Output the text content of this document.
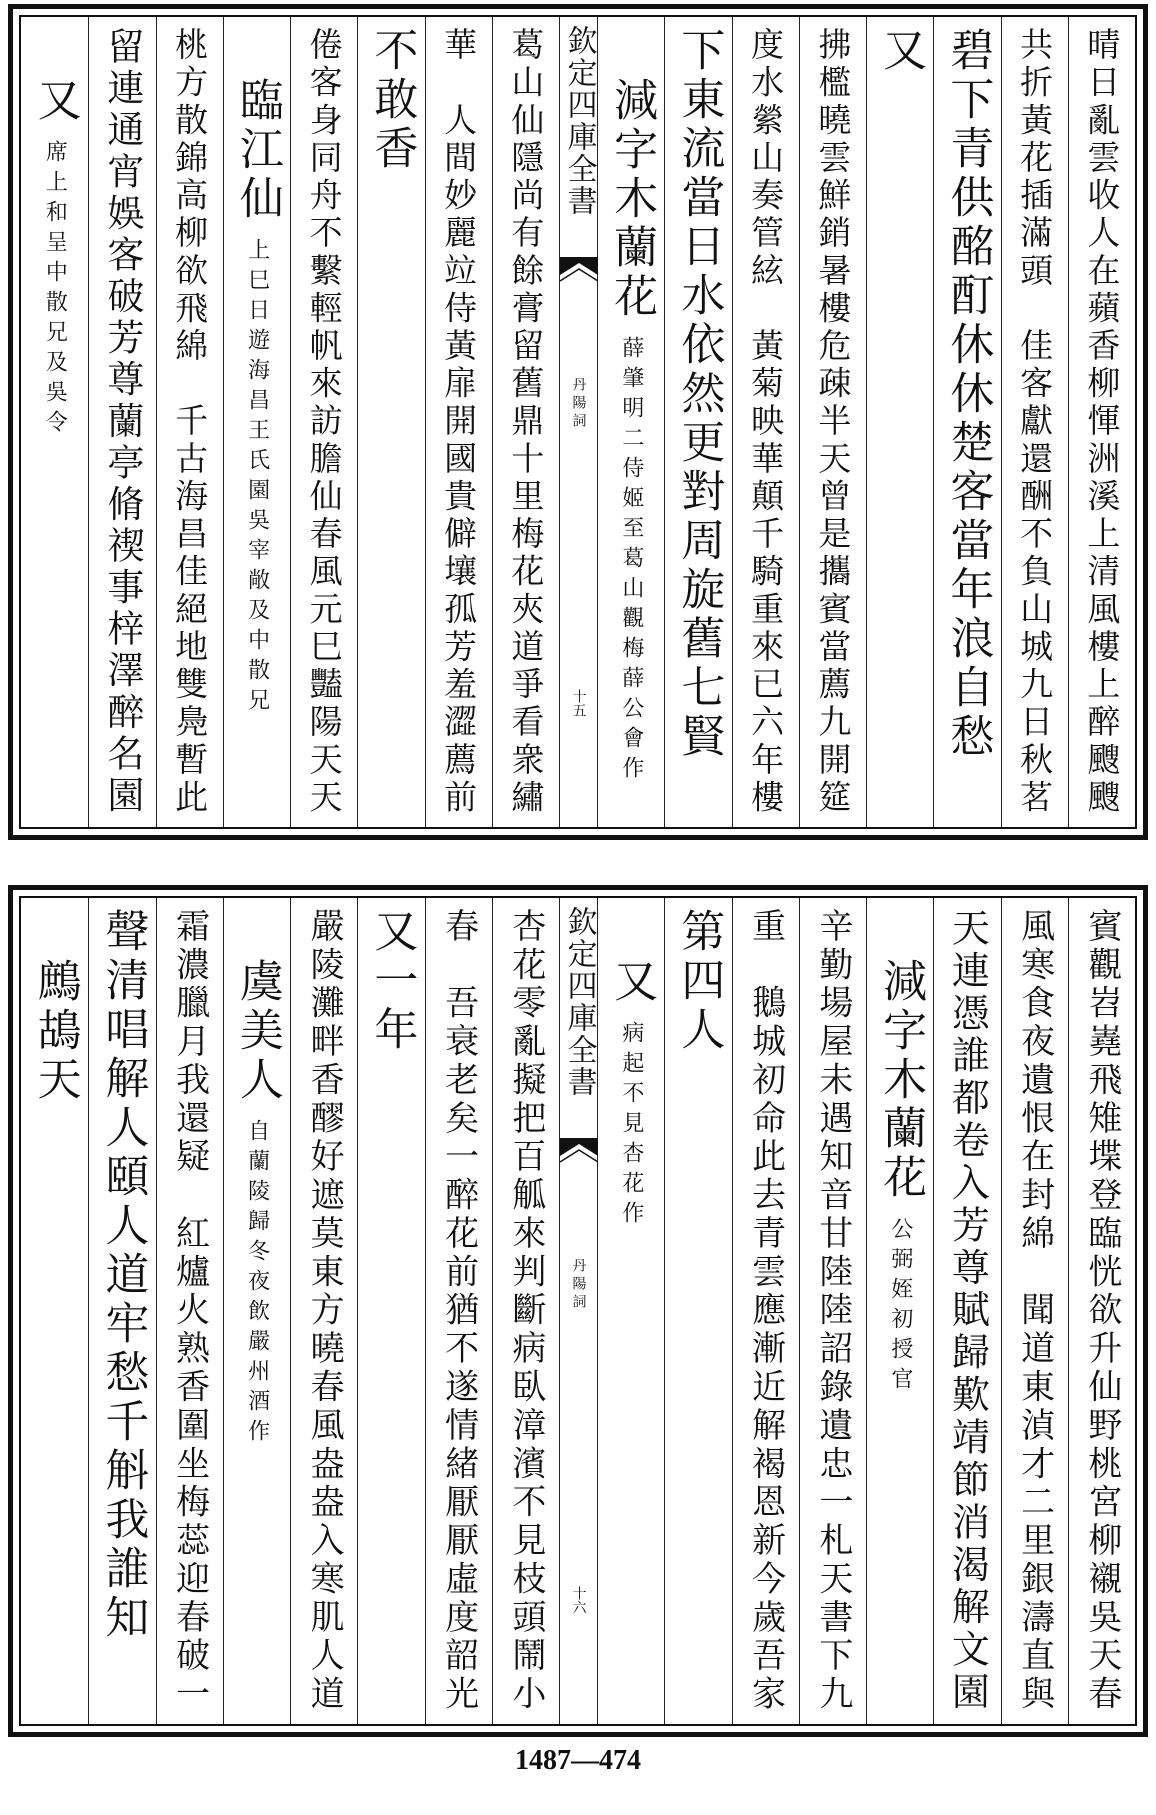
晴日亂雲收人在蘋香柳惲洲溪上清風樓上醉颼颼
共折黃花插滿頭　佳客獻還酬不負山城九日秋茗
碧下青供酩酊休休楚客當年浪自愁
又
拂檻曉雲鮮銷暑樓危疎半天曾是攜賓當薦九開筵
度水縈山奏管絃　黃菊映華顛千騎重來已六年樓
下東流當日水依然更對周旋舊七賢
減字木蘭花
薛肇明二侍姬至葛山觀梅薛公會作
欽定四庫全書
丹陽詞
十五
葛山仙隱尚有餘膏留舊鼎十里梅花夾道爭看衆繡
華　人間妙麗竝侍黃扉開國貴僻壤孤芳羞澀薦前
不敢香
倦客身同舟不繫輕帆來訪膽仙春風元巳豔陽天天
臨江仙
上巳日遊海昌王氏園吳宰敞及中散兄
桃方散錦高柳欲飛綿　千古海昌佳絕地雙鳧暫此
留連通宵娛客破芳尊蘭亭脩禊事梓澤醉名園
又
席上和呈中散兄及吳令
賓觀岧嶤飛雉堞登臨恍欲升仙野桃宮柳襯吳天春
風寒食夜遺恨在封綿　聞道東湞才二里銀濤直與
天連憑誰都卷入芳尊賦歸歎靖節消渴解文園
減字木蘭花
公弼姪初授官
辛勤場屋未遇知音甘陸陸詔錄遺忠一札天書下九
重　鵝城初命此去青雲應漸近解褐恩新今歲吾家
第四人
又
病起不見杏花作
欽定四庫全書
丹陽詞
十六
杏花零亂擬把百觚來判斷病臥漳濱不見枝頭鬧小
春　吾衰老矣一醉花前猶不遂情緒厭厭虛度韶光
又一年
嚴陵灘畔香醪好遮莫東方曉春風盎盎入寒肌人道
虞美人
自蘭陵歸冬夜飲嚴州酒作
霜濃臘月我還疑　紅爐火熟香圍坐梅蕊迎春破一
聲清唱解人頤人道牢愁千斛我誰知
鷓鴣天
1487—474
